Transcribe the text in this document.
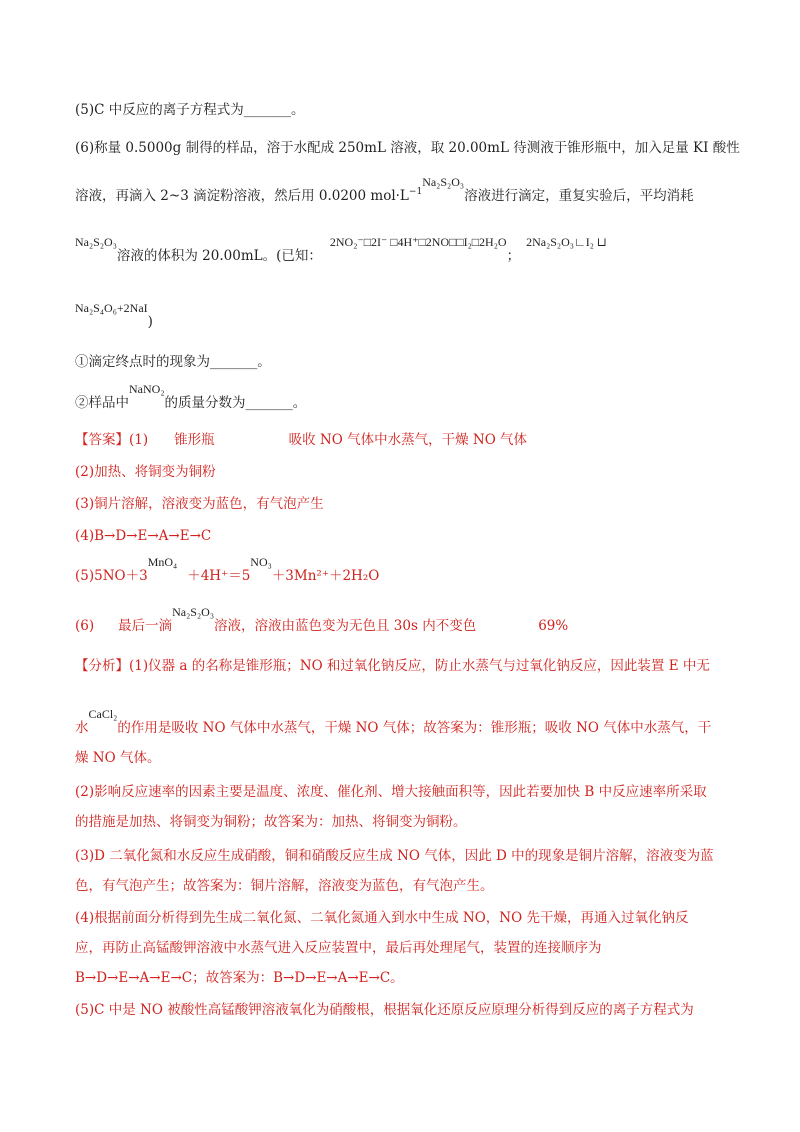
(5)C 中反应的离子方程式为_______。
(6)称量 0.5000g 制得的样品，溶于水配成 250mL 溶液，取 20.00mL 待测液于锥形瓶中，加入足量 KI 酸性
溶液，再滴入 2~3 滴淀粉溶液，然后用 0.0200 $mol\cdot L^{-1}Na_2S_2O_3$溶液进行滴定，重复实验后，平均消耗
Na₂S₂O₃溶液的体积为 20.00mL。(已知：2NO₂⁻□2I⁻ □4H⁺□2NO□□I₂□2H₂O；2Na₂S₂O₃∟I₂ ⊔
Na₂S₄O₆+2NaI)
①滴定终点时的现象为_______。
②样品中NaNO₂的质量分数为_______。
【答案】(1) 锥形瓶	吸收 NO 气体中水蒸气，干燥 NO 气体
(2)加热、将铜变为铜粉
(3)铜片溶解，溶液变为蓝色，有气泡产生
(4)B→D→E→A→E→C
(5)5NO＋3MnO₄＋4H⁺＝5NO₃＋3Mn²⁺＋2H₂O
(6) 最后一滴Na₂S₂O₃溶液，溶液由蓝色变为无色且 30s 内不变色	69%
【分析】(1)仪器 a 的名称是锥形瓶；NO 和过氧化钠反应，防止水蒸气与过氧化钠反应，因此装置 E 中无
水CaCl₂的作用是吸收 NO 气体中水蒸气，干燥 NO 气体；故答案为：锥形瓶；吸收 NO 气体中水蒸气，干
燥 NO 气体。
(2)影响反应速率的因素主要是温度、浓度、催化剂、增大接触面积等，因此若要加快 B 中反应速率所采取
的措施是加热、将铜变为铜粉；故答案为：加热、将铜变为铜粉。
(3)D 二氧化氮和水反应生成硝酸，铜和硝酸反应生成 NO 气体，因此 D 中的现象是铜片溶解，溶液变为蓝
色，有气泡产生；故答案为：铜片溶解，溶液变为蓝色，有气泡产生。
(4)根据前面分析得到先生成二氧化氮、二氧化氮通入到水中生成 NO，NO 先干燥，再通入过氧化钠反
应，再防止高锰酸钾溶液中水蒸气进入反应装置中，最后再处理尾气，装置的连接顺序为
B→D→E→A→E→C；故答案为：B→D→E→A→E→C。
(5)C 中是 NO 被酸性高锰酸钾溶液氧化为硝酸根，根据氧化还原反应原理分析得到反应的离子方程式为
